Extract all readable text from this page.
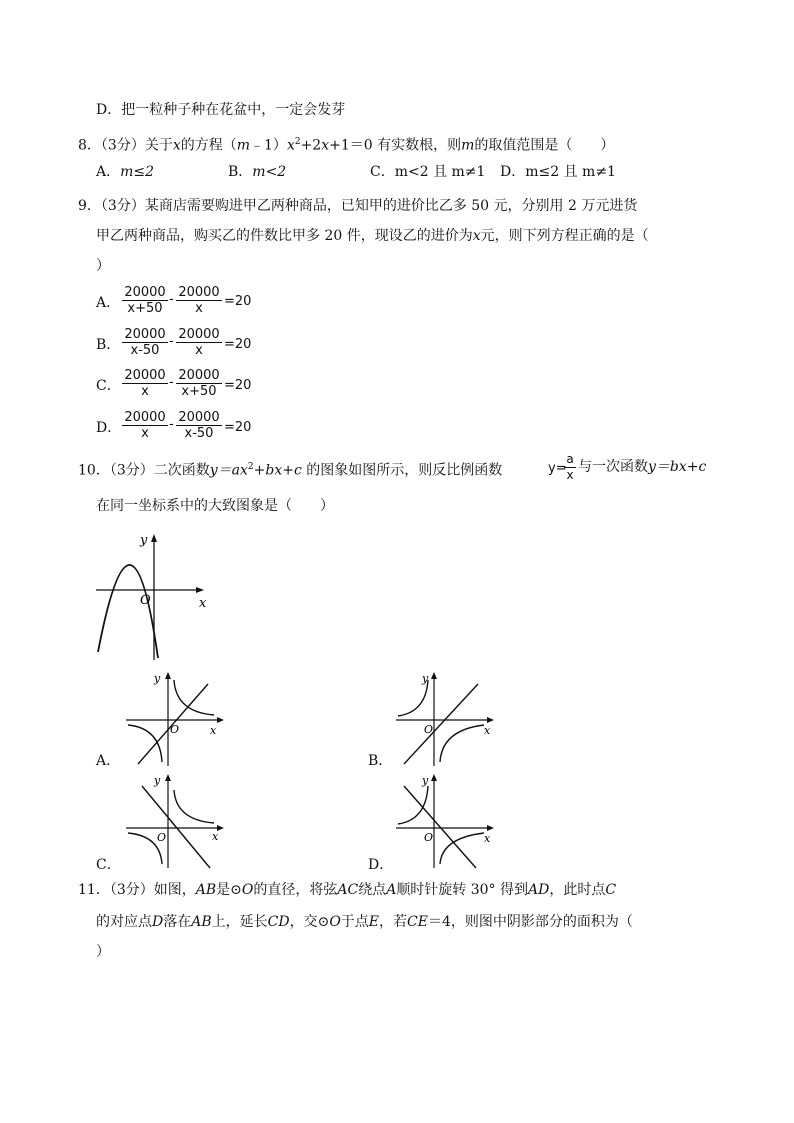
D．把一粒种子种在花盆中，一定会发芽
8．（3分）关于x的方程$(m﹣1)x^2+2x+1=0$ 有实数根，则m的取值范围是（　　）
A．m≤2	B．m<2	C．m<2 且 m≠1 D．m≤2 且 m≠1
9．（3分）某商店需要购进甲乙两种商品，已知甲的进价比乙多 50 元，分别用 2 万元进货
甲乙两种商品，购买乙的件数比甲多 20 件，现设乙的进价为x元，则下列方程正确的是（
）
A． $\frac{20000}{x+50} - \frac{20000}{x} =20$
B． $\frac{20000}{x-50} - \frac{20000}{x} =20$
C． $\frac{20000}{x} - \frac{20000}{x+50} =20$
D． $\frac{20000}{x} - \frac{20000}{x-50} =20$
10．（3分）二次函数$y=ax^2+bx+c$ 的图象如图所示，则反比例函数	y=
$\frac{a}{x}$ 与一次函数y＝bx+c
在同一坐标系中的大致图象是（　　）
y
x
O
A．
y
x
O
B．
y
x
O
C．
y
x
O
D．
y
x
O
11．（3分）如图，AB是⊙O的直径，将弦AC绕点A顺时针旋转 30° 得到AD，此时点C
的对应点D落在AB上，延长CD，交⊙O于点E，若CE＝4，则图中阴影部分的面积为（
）
